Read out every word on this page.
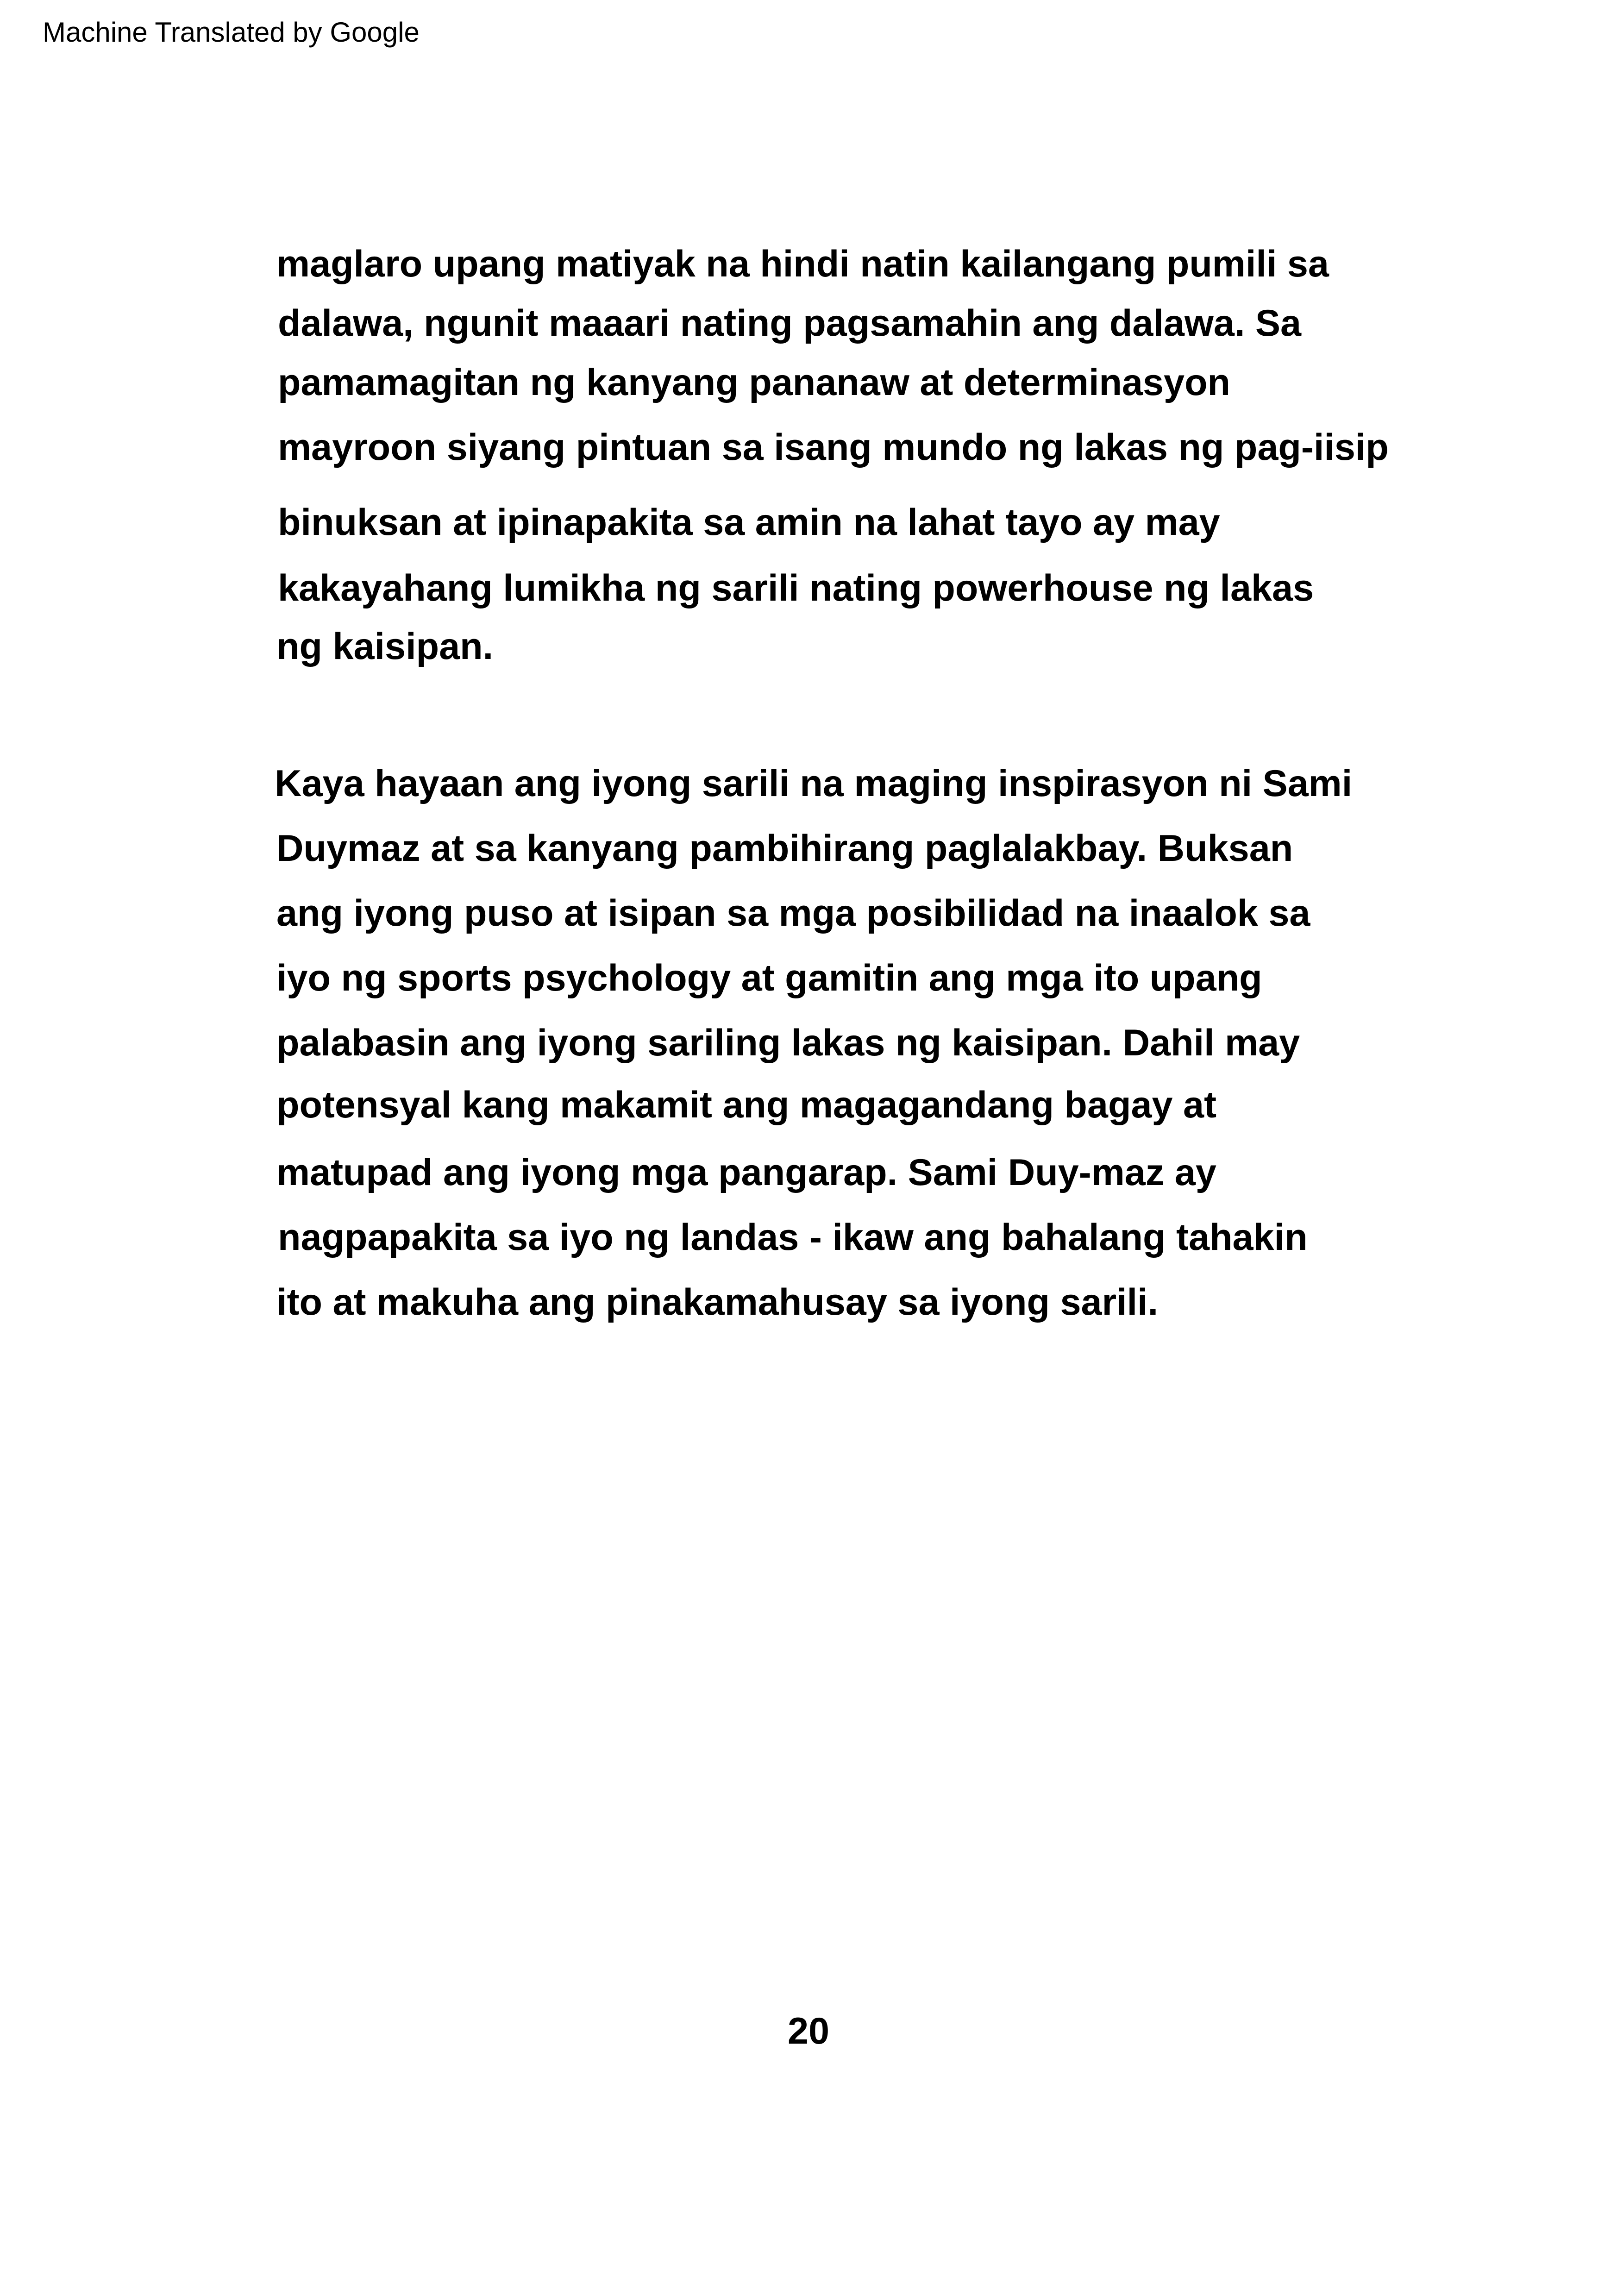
Machine Translated by Google
maglaro upang matiyak na hindi natin kailangang pumili sa
dalawa, ngunit maaari nating pagsamahin ang dalawa. Sa
pamamagitan ng kanyang pananaw at determinasyon
mayroon siyang pintuan sa isang mundo ng lakas ng pag-iisip
binuksan at ipinapakita sa amin na lahat tayo ay may
kakayahang lumikha ng sarili nating powerhouse ng lakas
ng kaisipan.
Kaya hayaan ang iyong sarili na maging inspirasyon ni Sami
Duymaz at sa kanyang pambihirang paglalakbay. Buksan
ang iyong puso at isipan sa mga posibilidad na inaalok sa
iyo ng sports psychology at gamitin ang mga ito upang
palabasin ang iyong sariling lakas ng kaisipan. Dahil may
potensyal kang makamit ang magagandang bagay at
matupad ang iyong mga pangarap. Sami Duy-maz ay
nagpapakita sa iyo ng landas - ikaw ang bahalang tahakin
ito at makuha ang pinakamahusay sa iyong sarili.
20
